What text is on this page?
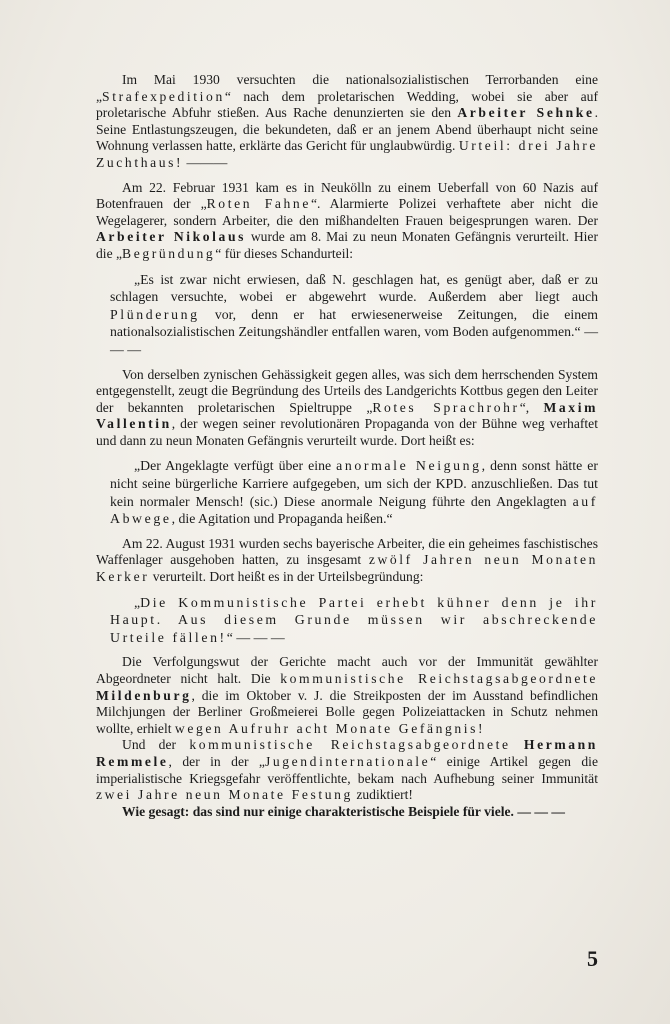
Im Mai 1930 versuchten die nationalsozialistischen Terrorbanden eine „Strafexpedition“ nach dem proletarischen Wedding, wobei sie aber auf proletarische Abfuhr stießen. Aus Rache denunzierten sie den Arbeiter Sehnke. Seine Entlastungszeugen, die bekundeten, daß er an jenem Abend überhaupt nicht seine Wohnung verlassen hatte, erklärte das Gericht für unglaubwürdig. Urteil: drei Jahre Zuchthaus! ———

Am 22. Februar 1931 kam es in Neukölln zu einem Ueberfall von 60 Nazis auf Botenfrauen der „Roten Fahne“. Alarmierte Polizei verhaftete aber nicht die Wegelagerer, sondern Arbeiter, die den mißhandelten Frauen beigesprungen waren. Der Arbeiter Nikolaus wurde am 8. Mai zu neun Monaten Gefängnis verurteilt. Hier die „Begründung“ für dieses Schandurteil:

„Es ist zwar nicht erwiesen, daß N. geschlagen hat, es genügt aber, daß er zu schlagen versuchte, wobei er abgewehrt wurde. Außerdem aber liegt auch Plünderung vor, denn er hat erwiesenerweise Zeitungen, die einem nationalsozialistischen Zeitungshändler entfallen waren, vom Boden aufgenommen.“ — — —

Von derselben zynischen Gehässigkeit gegen alles, was sich dem herrschenden System entgegenstellt, zeugt die Begründung des Urteils des Landgerichts Kottbus gegen den Leiter der bekannten proletarischen Spieltruppe „Rotes Sprachrohr“, Maxim Vallentin, der wegen seiner revolutionären Propaganda von der Bühne weg verhaftet und dann zu neun Monaten Gefängnis verurteilt wurde. Dort heißt es:

„Der Angeklagte verfügt über eine anormale Neigung, denn sonst hätte er nicht seine bürgerliche Karriere aufgegeben, um sich der KPD. anzuschließen. Das tut kein normaler Mensch! (sic.) Diese anormale Neigung führte den Angeklagten auf Abwege, die Agitation und Propaganda heißen.“

Am 22. August 1931 wurden sechs bayerische Arbeiter, die ein geheimes faschistisches Waffenlager ausgehoben hatten, zu insgesamt zwölf Jahren neun Monaten Kerker verurteilt. Dort heißt es in der Urteilsbegründung:

„Die Kommunistische Partei erhebt kühner denn je ihr Haupt. Aus diesem Grunde müssen wir abschreckende Urteile fällen!“ — — —

Die Verfolgungswut der Gerichte macht auch vor der Immunität gewählter Abgeordneter nicht halt. Die kommunistische Reichstagsabgeordnete Mildenburg, die im Oktober v. J. die Streikposten der im Ausstand befindlichen Milchjungen der Berliner Großmeierei Bolle gegen Polizeiattacken in Schutz nehmen wollte, erhielt wegen Aufruhr acht Monate Gefängnis!

Und der kommunistische Reichstagsabgeordnete Hermann Remmele, der in der „Jugendinternationale“ einige Artikel gegen die imperialistische Kriegsgefahr veröffentlichte, bekam nach Aufhebung seiner Immunität zwei Jahre neun Monate Festung zudiktiert!

Wie gesagt: das sind nur einige charakteristische Beispiele für viele. — — —

5
